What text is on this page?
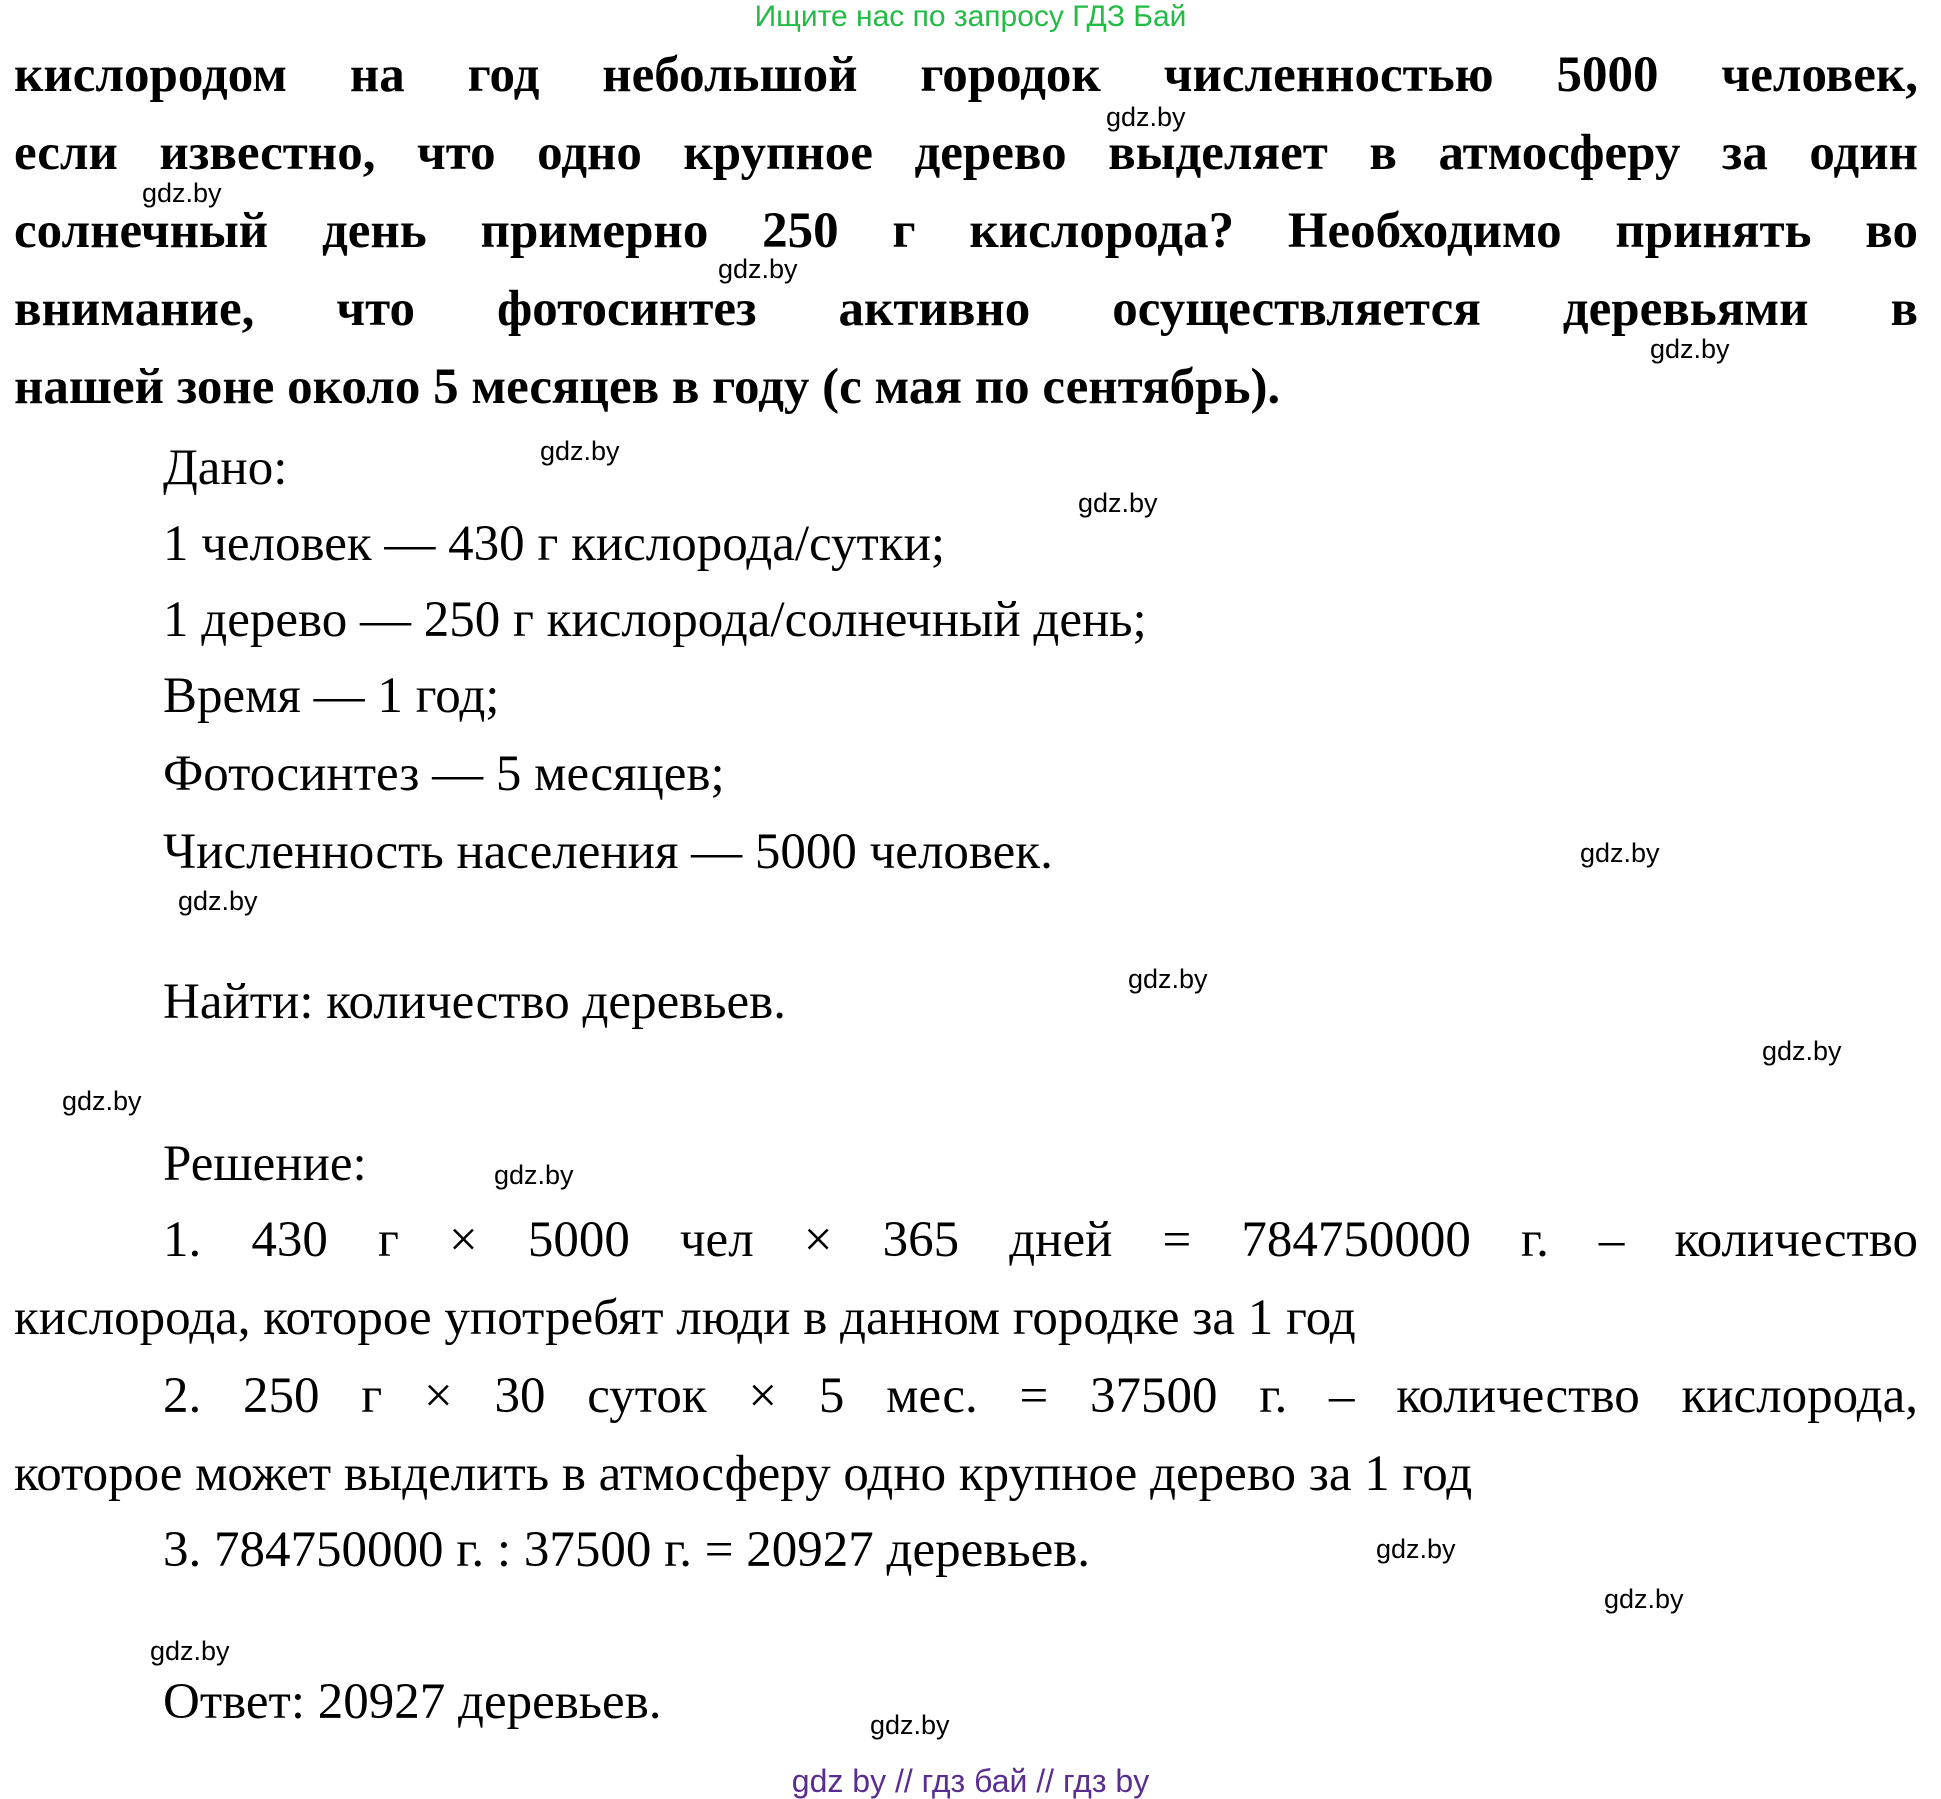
Ищите нас по запросу ГДЗ Бай
кислородом на год небольшой городок численностью 5000 человек,
если известно, что одно крупное дерево выделяет в атмосферу за один
солнечный день примерно 250 г кислорода? Необходимо принять во
внимание, что фотосинтез активно осуществляется деревьями в
нашей зоне около 5 месяцев в году (с мая по сентябрь).
Дано:
1 человек — 430 г кислорода/сутки;
1 дерево — 250 г кислорода/солнечный день;
Время — 1 год;
Фотосинтез — 5 месяцев;
Численность населения — 5000 человек.
Найти: количество деревьев.
Решение:
1. 430 г × 5000 чел × 365 дней = 784750000 г. – количество
кислорода, которое употребят люди в данном городке за 1 год
2. 250 г × 30 суток × 5 мес. = 37500 г. – количество кислорода,
которое может выделить в атмосферу одно крупное дерево за 1 год
3. 784750000 г. : 37500 г. = 20927 деревьев.
Ответ: 20927 деревьев.
gdz.by
gdz.by
gdz.by
gdz.by
gdz.by
gdz.by
gdz.by
gdz.by
gdz.by
gdz.by
gdz.by
gdz.by
gdz.by
gdz.by
gdz.by
gdz.by
gdz by // гдз бай // гдз by
